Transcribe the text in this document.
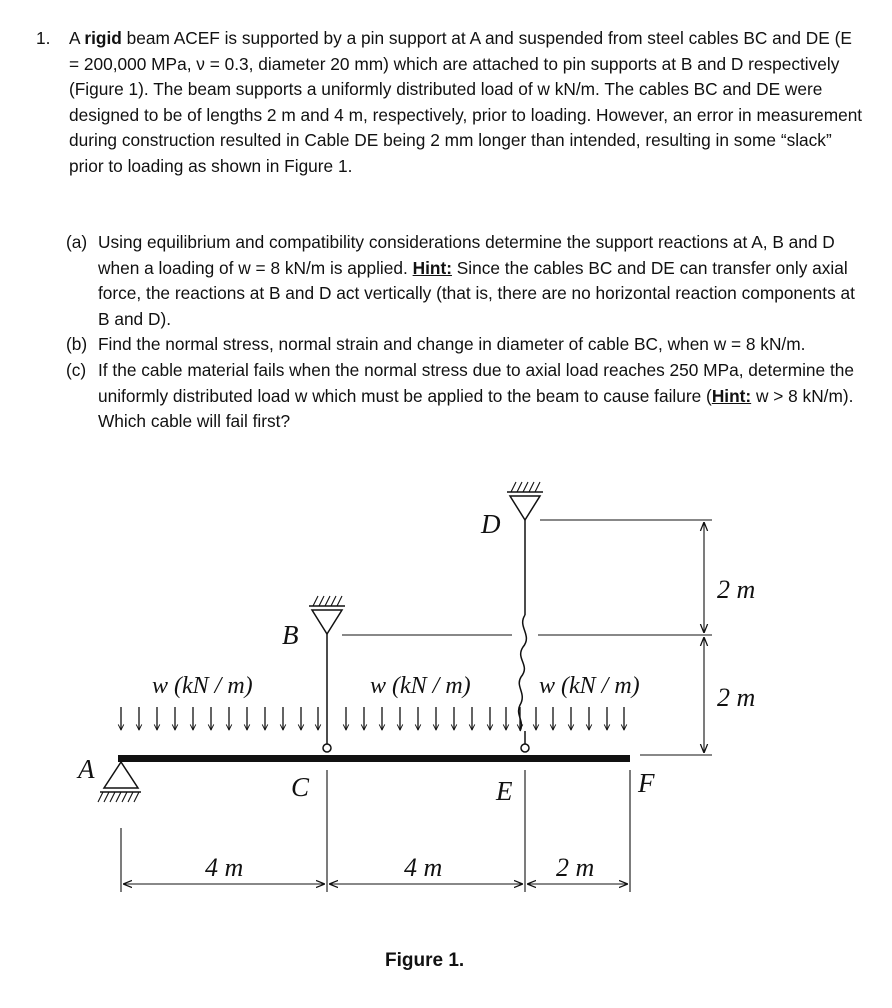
1. A rigid beam ACEF is supported by a pin support at A and suspended from steel cables BC and DE (E = 200,000 MPa, ν = 0.3, diameter 20 mm) which are attached to pin supports at B and D respectively (Figure 1). The beam supports a uniformly distributed load of w kN/m. The cables BC and DE were designed to be of lengths 2 m and 4 m, respectively, prior to loading. However, an error in measurement during construction resulted in Cable DE being 2 mm longer than intended, resulting in some “slack” prior to loading as shown in Figure 1.
(a) Using equilibrium and compatibility considerations determine the support reactions at A, B and D when a loading of w = 8 kN/m is applied. Hint: Since the cables BC and DE can transfer only axial force, the reactions at B and D act vertically (that is, there are no horizontal reaction components at B and D).
(b) Find the normal stress, normal strain and change in diameter of cable BC, when w = 8 kN/m.
(c) If the cable material fails when the normal stress due to axial load reaches 250 MPa, determine the uniformly distributed load w which must be applied to the beam to cause failure (Hint: w > 8 kN/m). Which cable will fail first?
A
B
C
D
E	F
w (kN / m)	w (kN / m)	w (kN / m)
4 m	4 m	2 m
2 m
2 m
Figure 1.
